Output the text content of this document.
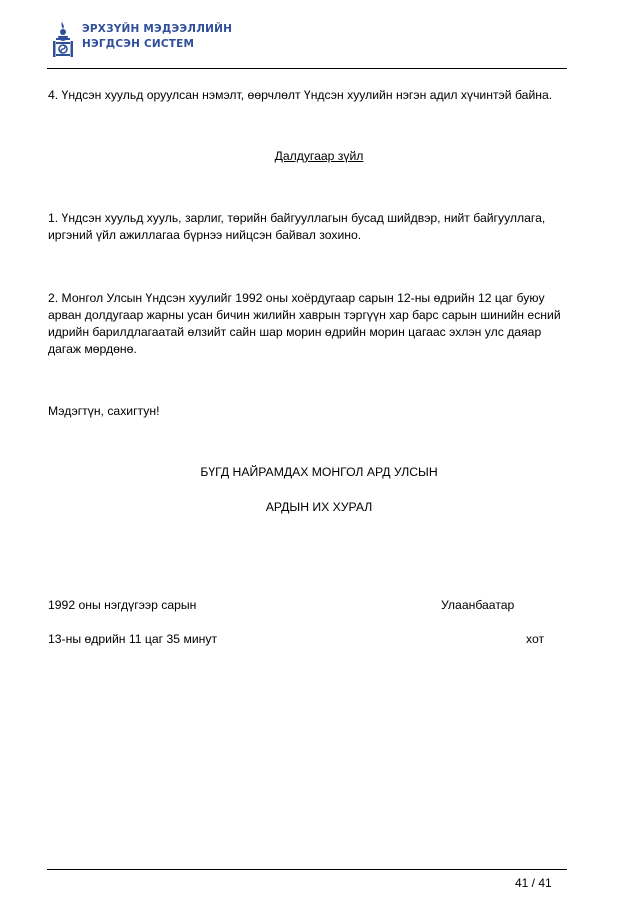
ЭРХЗҮЙН МЭДЭЭЛЛИЙН
НЭГДСЭН СИСТЕМ
4. Үндсэн хуульд оруулсан нэмэлт, өөрчлөлт Үндсэн хуулийн нэгэн адил хүчинтэй байна.
Далдугаар зүйл
1. Үндсэн хуульд хууль, зарлиг, төрийн байгууллагын бусад шийдвэр, нийт байгууллага,
иргэний үйл ажиллагаа бүрнээ нийцсэн байвал зохино.
2. Монгол Улсын Үндсэн хуулийг 1992 оны хоёрдугаар сарын 12-ны өдрийн 12 цаг буюу
арван долдугаар жарны усан бичин жилийн хаврын тэргүүн хар барс сарын шинийн есний
идрийн барилдлагаатай өлзийт сайн шар морин өдрийн морин цагаас эхлэн улс даяар
дагаж мөрдөнө.
Мэдэгтүн, сахигтун!
БҮГД НАЙРАМДАХ МОНГОЛ АРД УЛСЫН
АРДЫН ИХ ХУРАЛ
1992 оны нэгдүгээр сарын	Улаанбаатар
13-ны өдрийн 11 цаг 35 минут	хот
41 / 41
